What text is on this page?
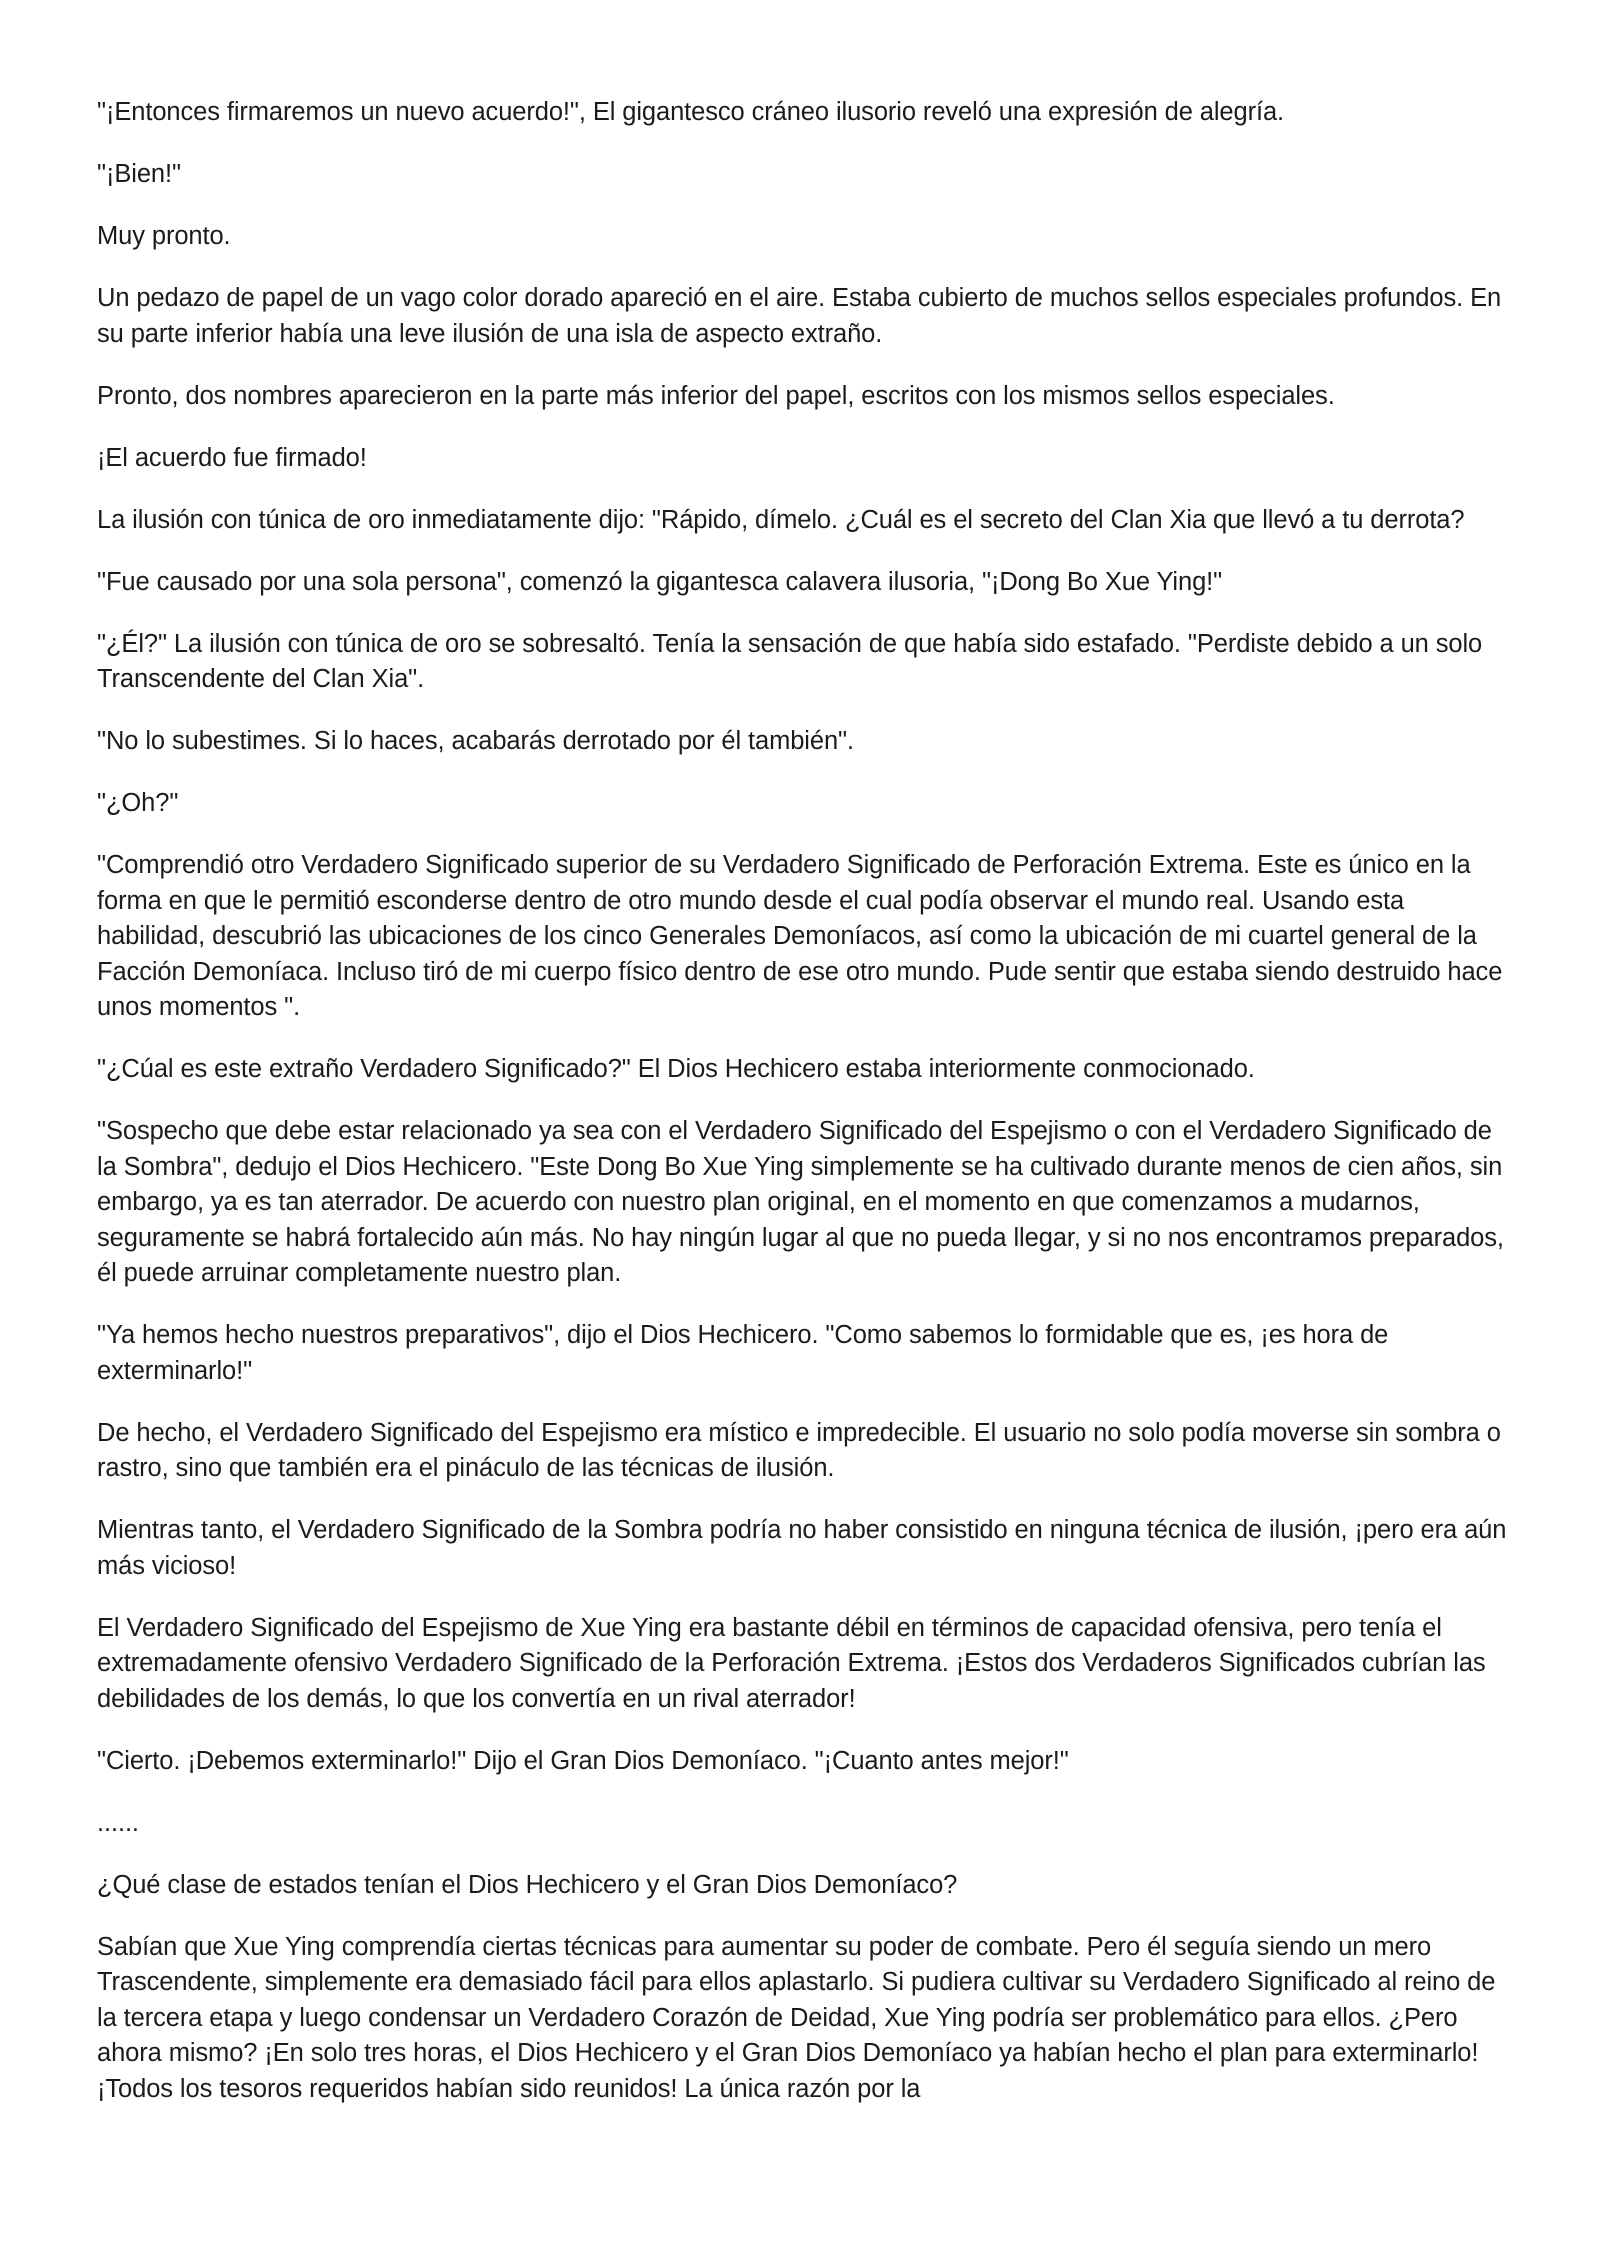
"¡Entonces firmaremos un nuevo acuerdo!", El gigantesco cráneo ilusorio reveló una expresión de alegría.

"¡Bien!"

Muy pronto.

Un pedazo de papel de un vago color dorado apareció en el aire. Estaba cubierto de muchos sellos especiales profundos. En su parte inferior había una leve ilusión de una isla de aspecto extraño.

Pronto, dos nombres aparecieron en la parte más inferior del papel, escritos con los mismos sellos especiales.

¡El acuerdo fue firmado!

La ilusión con túnica de oro inmediatamente dijo: "Rápido, dímelo. ¿Cuál es el secreto del Clan Xia que llevó a tu derrota?

"Fue causado por una sola persona", comenzó la gigantesca calavera ilusoria, "¡Dong Bo Xue Ying!"

"¿Él?" La ilusión con túnica de oro se sobresaltó. Tenía la sensación de que había sido estafado. "Perdiste debido a un solo Transcendente del Clan Xia".

"No lo subestimes. Si lo haces, acabarás derrotado por él también".

"¿Oh?"

"Comprendió otro Verdadero Significado superior de su Verdadero Significado de Perforación Extrema. Este es único en la forma en que le permitió esconderse dentro de otro mundo desde el cual podía observar el mundo real. Usando esta habilidad, descubrió las ubicaciones de los cinco Generales Demoníacos, así como la ubicación de mi cuartel general de la Facción Demoníaca. Incluso tiró de mi cuerpo físico dentro de ese otro mundo. Pude sentir que estaba siendo destruido hace unos momentos ".

"¿Cúal es este extraño Verdadero Significado?" El Dios Hechicero estaba interiormente conmocionado.

"Sospecho que debe estar relacionado ya sea con el Verdadero Significado del Espejismo o con el Verdadero Significado de la Sombra", dedujo el Dios Hechicero. "Este Dong Bo Xue Ying simplemente se ha cultivado durante menos de cien años, sin embargo, ya es tan aterrador. De acuerdo con nuestro plan original, en el momento en que comenzamos a mudarnos, seguramente se habrá fortalecido aún más. No hay ningún lugar al que no pueda llegar, y si no nos encontramos preparados, él puede arruinar completamente nuestro plan.

"Ya hemos hecho nuestros preparativos", dijo el Dios Hechicero. "Como sabemos lo formidable que es, ¡es hora de exterminarlo!"

De hecho, el Verdadero Significado del Espejismo era místico e impredecible. El usuario no solo podía moverse sin sombra o rastro, sino que también era el pináculo de las técnicas de ilusión.

Mientras tanto, el Verdadero Significado de la Sombra podría no haber consistido en ninguna técnica de ilusión, ¡pero era aún más vicioso!

El Verdadero Significado del Espejismo de Xue Ying era bastante débil en términos de capacidad ofensiva, pero tenía el extremadamente ofensivo Verdadero Significado de la Perforación Extrema. ¡Estos dos Verdaderos Significados cubrían las debilidades de los demás, lo que los convertía en un rival aterrador!

"Cierto. ¡Debemos exterminarlo!" Dijo el Gran Dios Demoníaco. "¡Cuanto antes mejor!"

......

¿Qué clase de estados tenían el Dios Hechicero y el Gran Dios Demoníaco?

Sabían que Xue Ying comprendía ciertas técnicas para aumentar su poder de combate. Pero él seguía siendo un mero Trascendente, simplemente era demasiado fácil para ellos aplastarlo. Si pudiera cultivar su Verdadero Significado al reino de la tercera etapa y luego condensar un Verdadero Corazón de Deidad, Xue Ying podría ser problemático para ellos. ¿Pero ahora mismo? ¡En solo tres horas, el Dios Hechicero y el Gran Dios Demoníaco ya habían hecho el plan para exterminarlo! ¡Todos los tesoros requeridos habían sido reunidos! La única razón por la
